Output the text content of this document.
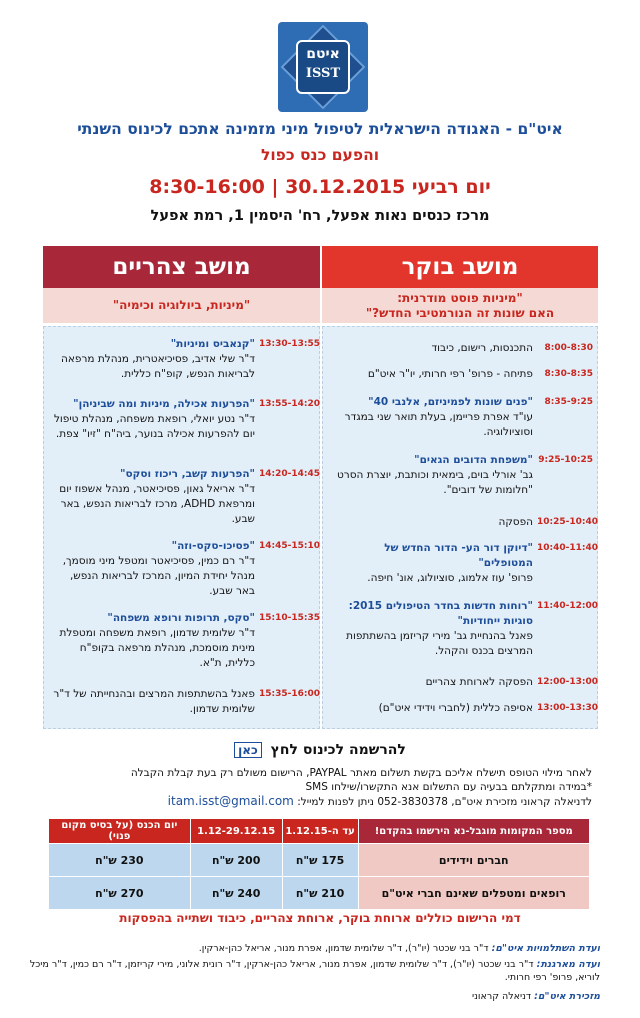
איטם
ISST
איט"ם - האגודה הישראלית לטיפול מיני מזמינה אתכם לכינוס השנתי
והפעם כנס כפול
יום רביעי 30.12.2015 | 8:30-16:00
מרכז כנסים נאות אפעל, רח' היסמין 1, רמת אפעל
מושב בוקר
מושב צהריים
"מיניות פוסט מודרנית:
האם שונות זה הנורמטיבי החדש?"
"מיניות, ביולוגיה וכימיה"
8:00-8:30
התכנסות, רישום, כיבוד
8:30-8:35
פתיחה - פרופ' רפי חרותי, יו"ר איט"ם
8:35-9:25
"פנים שונות לפמיניזם, אלנבי 40"
עו"ד אפרת פריימן, בעלת תואר שני במגדר וסוציולוגיה.
9:25-10:25
"משפחת הדובים הגאים"
גב' אורלי בוים, בימאית וכותבת, יוצרת הסרט "חלומות של דובים".
10:25-10:40
הפסקה
10:40-11:40
"דיוקן דור הע- הדור החדש של המטופלים"
פרופ' עוז אלמוג, סוציולוג, אונ' חיפה.
11:40-12:00
"רוחות חדשות בחדר הטיפולים 2015: סוגיות ייחודיות"
פאנל בהנחיית גב' מירי קריזמן בהשתתפות המרצים בכנס והקהל.
12:00-13:00
הפסקה לארוחת צהריים
13:00-13:30
אסיפה כללית (לחברי וידידי איט"ם)
13:30-13:55
"קנאביס ומיניות"
ד"ר שלי אדיב, פסיכיאטרית, מנהלת מרפאה לבריאות הנפש, קופ"ח כללית.
13:55-14:20
"הפרעות אכילה, מיניות ומה שביניהן"
ד"ר נטע יואלי, רופאת משפחה, מנהלת טיפול יום להפרעות אכילה בנוער, ביה"ח "זיו" צפת.
14:20-14:45
"הפרעות קשב, ריכוז וסקס"
ד"ר אריאל גאון, פסיכיאטר, מנהל אשפוז יום ומרפאת ADHD, מרכז לבריאות הנפש, באר שבע.
14:45-15:10
"פסיכו-סקס-וזה"
ד"ר רם כמין, פסיכיאטר ומטפל מיני מוסמך, מנהל יחידת המיון, המרכז לבריאות הנפש, באר שבע.
15:10-15:35
"סקס, תרופות ורופא משפחה"
ד"ר שלומית שדמון, רופאת משפחה ומטפלת מינית מוסמכת, מנהלת מרפאה בקופ"ח כללית, ת"א.
15:35-16:00
פאנל בהשתתפות המרצים ובהנחייתה של ד"ר שלומית שדמון.
להרשמה לכינוס לחץ כאן
לאחר מילוי הטופס תישלח אליכם בקשת תשלום מאתר PAYPAL, הרישום משולם רק בעת קבלת הקבלה
*במידה ומתקלתם בבעיה עם התשלום אנא התקשרו/שילחו SMS
לדניאלה קראוני מזכירת איט"ם, 052-3830378 ניתן לפנות למייל: itam.isst@gmail.com
מספר המקומות מוגבל-נא הירשמו בהקדם!	עד ה-1.12.15	1.12-29.12.15	יום הכנס (על בסיס מקום פנוי)
חברים וידידים	175 ש"ח	200 ש"ח	230 ש"ח
רופאים ומטפלים שאינם חברי איט"ם	210 ש"ח	240 ש"ח	270 ש"ח
דמי הרישום כוללים ארוחת בוקר, ארוחת צהריים, כיבוד ושתייה בהפסקות
ועדת השתלמויות איט"ם: ד"ר בני שכטר (יו"ר), ד"ר שלומית שדמון, אפרת מנור, אריאל כהן-ארקין.
ועדה מארגנת: ד"ר בני שכטר (יו"ר), ד"ר שלומית שדמון, אפרת מנור, אריאל כהן-ארקין, ד"ר רונית אלוני, מירי קריזמן, ד"ר רם כמין, ד"ר מיכל לוריא, פרופ' רפי חרותי.
מזכירת איט"ם: דניאלה קראוני
